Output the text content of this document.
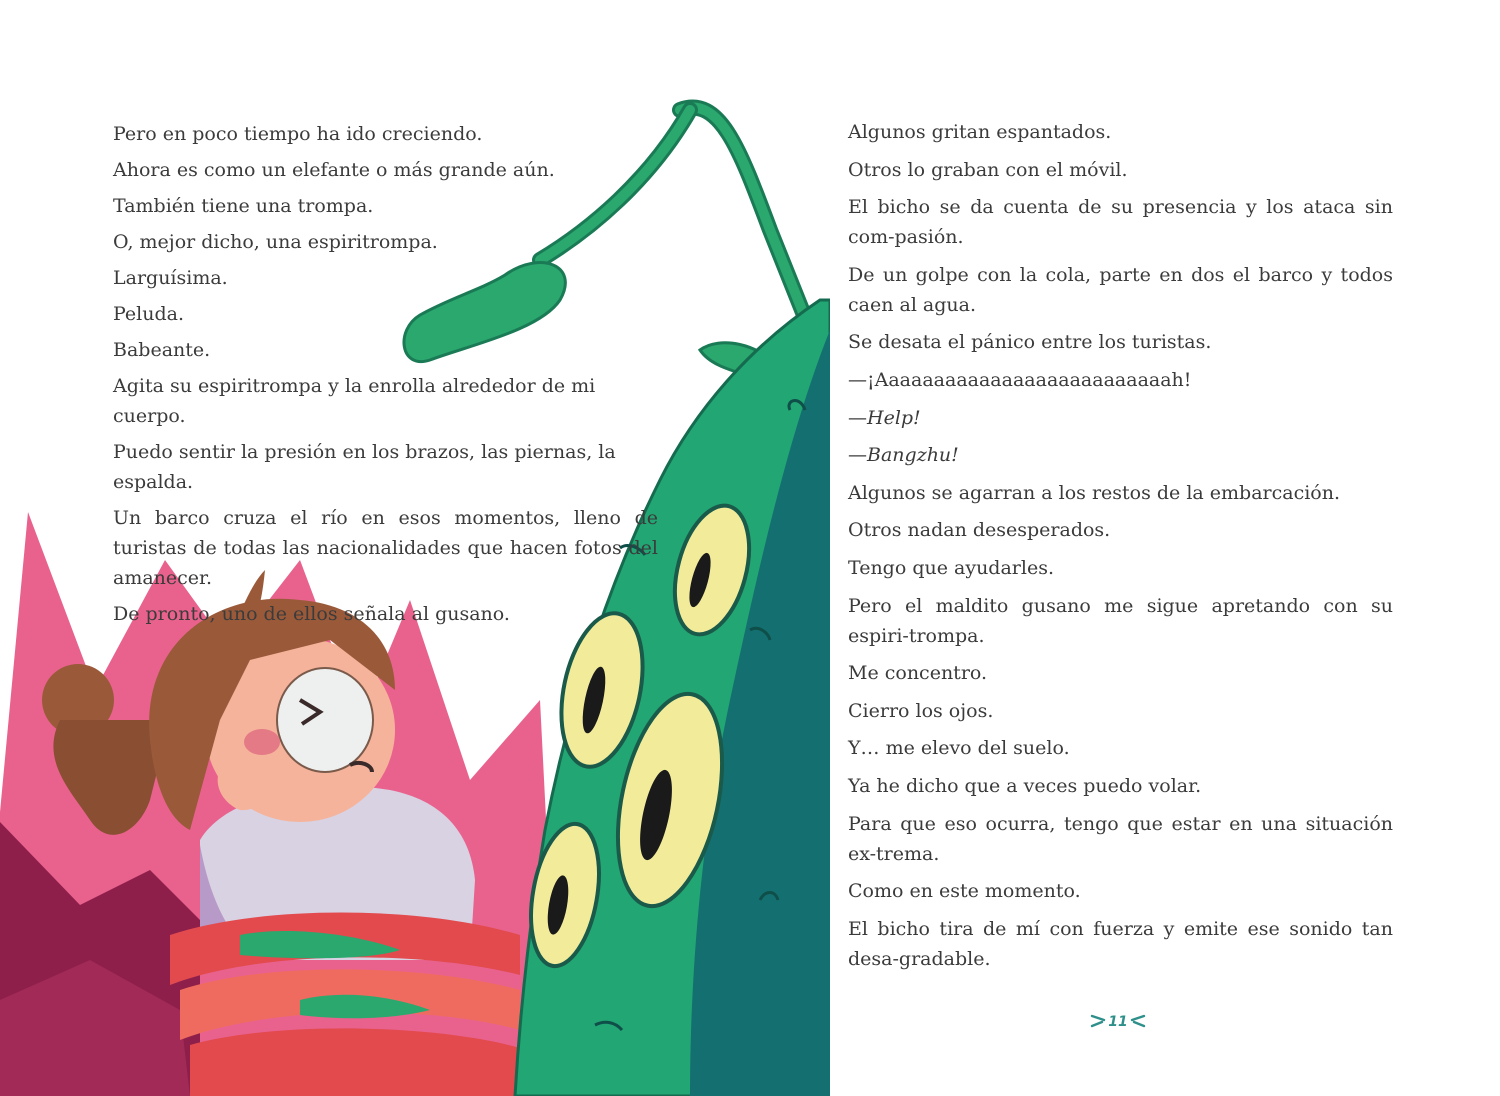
Pero en poco tiempo ha ido creciendo.

Ahora es como un elefante o más grande aún.

También tiene una trompa.

O, mejor dicho, una espiritrompa.

Larguísima.

Peluda.

Babeante.

Agita su espiritrompa y la enrolla alrededor de mi cuerpo.

Puedo sentir la presión en los brazos, las piernas, la espalda.

Un barco cruza el río en esos momentos, lleno de turistas de todas las nacionalidades que hacen fotos del amanecer.

De pronto, uno de ellos señala al gusano.

Algunos gritan espantados.

Otros lo graban con el móvil.

El bicho se da cuenta de su presencia y los ataca sin com-pasión.

De un golpe con la cola, parte en dos el barco y todos caen al agua.

Se desata el pánico entre los turistas.

—¡Aaaaaaaaaaaaaaaaaaaaaaaaaah!

—Help!

—Bangzhu!

Algunos se agarran a los restos de la embarcación.

Otros nadan desesperados.

Tengo que ayudarles.

Pero el maldito gusano me sigue apretando con su espiri-trompa.

Me concentro.

Cierro los ojos.

Y… me elevo del suelo.

Ya he dicho que a veces puedo volar.

Para que eso ocurra, tengo que estar en una situación ex-trema.

Como en este momento.

El bicho tira de mí con fuerza y emite ese sonido tan desa-gradable.

11
